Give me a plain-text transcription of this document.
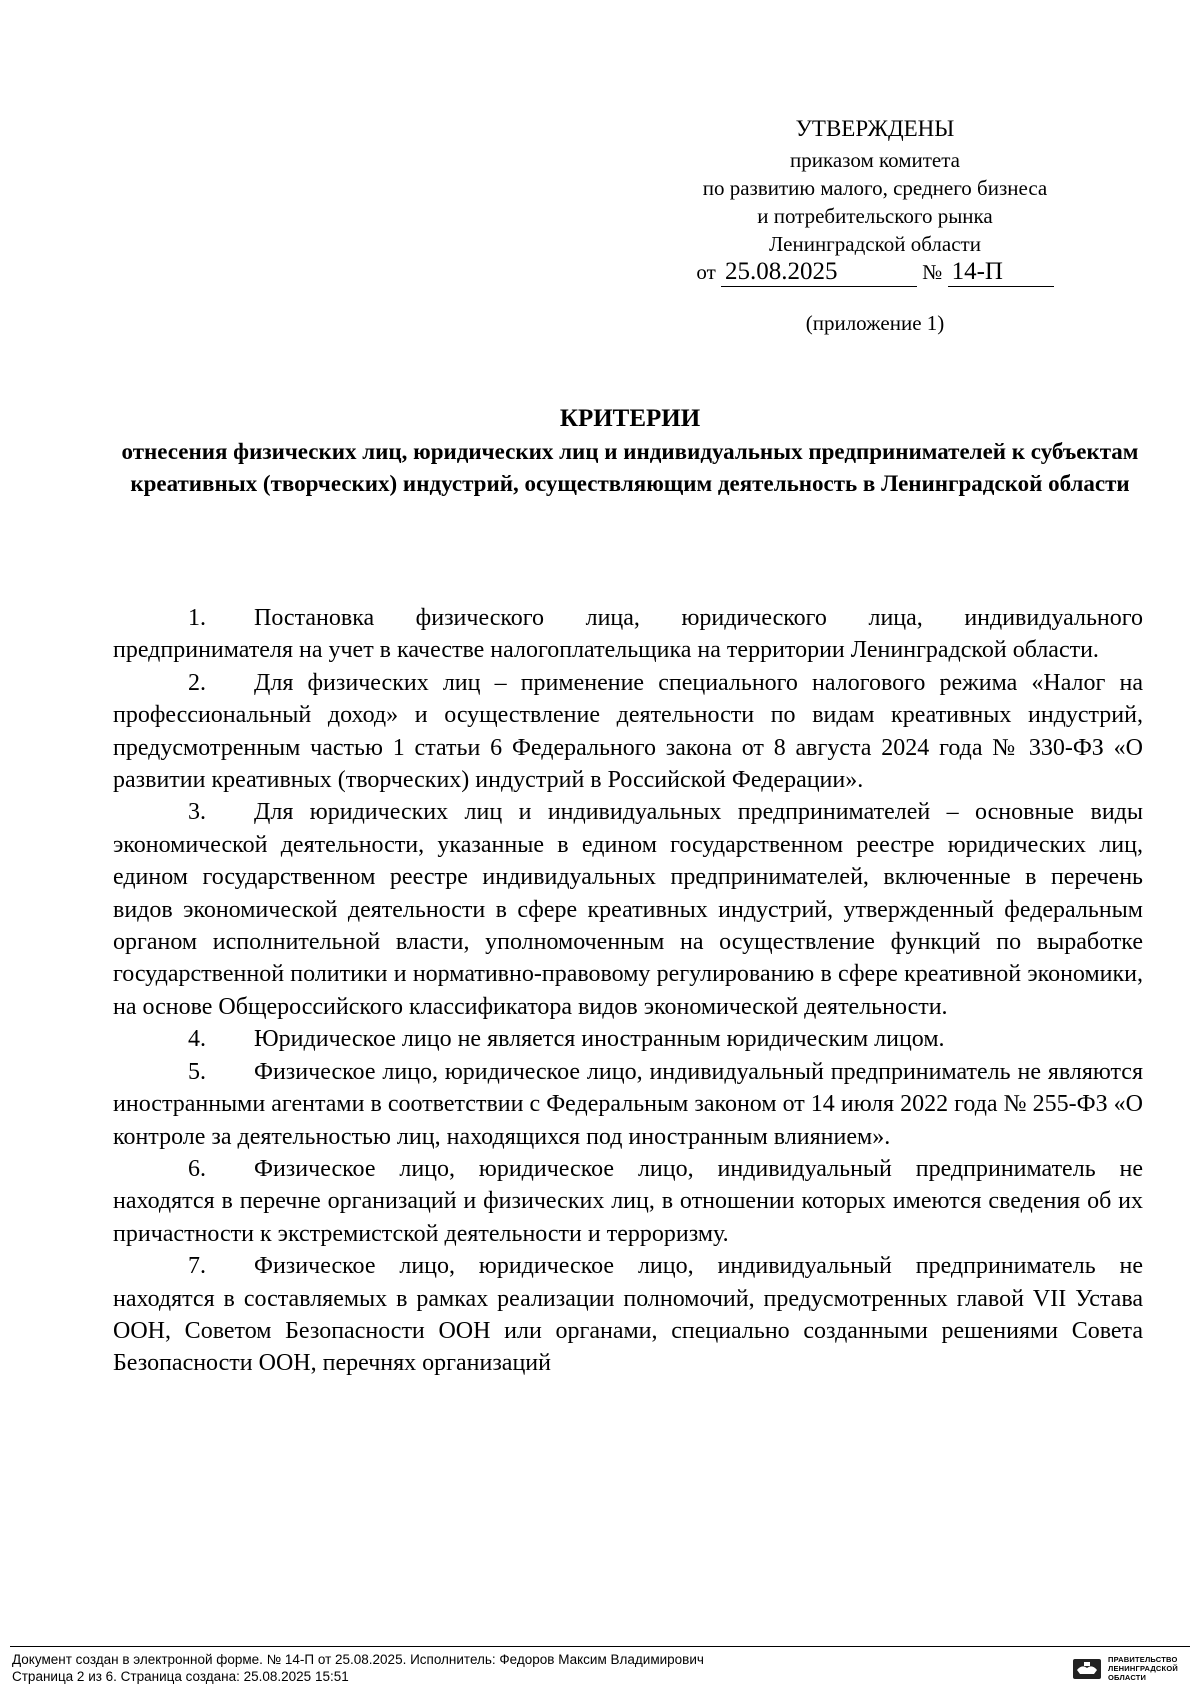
УТВЕРЖДЕНЫ
приказом комитета
по развитию малого, среднего бизнеса
и потребительского рынка
Ленинградской области
от 25.08.2025	№ 14-П
(приложение 1)
КРИТЕРИИ
отнесения физических лиц, юридических лиц и индивидуальных предпринимателей к субъектам креативных (творческих) индустрий, осуществляющим деятельность в Ленинградской области

1. Постановка физического лица, юридического лица, индивидуального предпринимателя на учет в качестве налогоплательщика на территории Ленинградской области.

2. Для физических лиц – применение специального налогового режима «Налог на профессиональный доход» и осуществление деятельности по видам креативных индустрий, предусмотренным частью 1 статьи 6 Федерального закона от 8 августа 2024 года № 330-ФЗ «О развитии креативных (творческих) индустрий в Российской Федерации».

3. Для юридических лиц и индивидуальных предпринимателей – основные виды экономической деятельности, указанные в едином государственном реестре юридических лиц, едином государственном реестре индивидуальных предпринимателей, включенные в перечень видов экономической деятельности в сфере креативных индустрий, утвержденный федеральным органом исполнительной власти, уполномоченным на осуществление функций по выработке государственной политики и нормативно-правовому регулированию в сфере креативной экономики, на основе Общероссийского классификатора видов экономической деятельности.

4. Юридическое лицо не является иностранным юридическим лицом.

5. Физическое лицо, юридическое лицо, индивидуальный предприниматель не являются иностранными агентами в соответствии с Федеральным законом от 14 июля 2022 года № 255-ФЗ «О контроле за деятельностью лиц, находящихся под иностранным влиянием».

6. Физическое лицо, юридическое лицо, индивидуальный предприниматель не находятся в перечне организаций и физических лиц, в отношении которых имеются сведения об их причастности к экстремистской деятельности и терроризму.

7. Физическое лицо, юридическое лицо, индивидуальный предприниматель не находятся в составляемых в рамках реализации полномочий, предусмотренных главой VII Устава ООН, Советом Безопасности ООН или органами, специально созданными решениями Совета Безопасности ООН, перечнях организаций

Документ создан в электронной форме. № 14-П от 25.08.2025. Исполнитель: Федоров Максим Владимирович
Страница 2 из 6. Страница создана: 25.08.2025 15:51
ПРАВИТЕЛЬСТВО
ЛЕНИНГРАДСКОЙ
ОБЛАСТИ
